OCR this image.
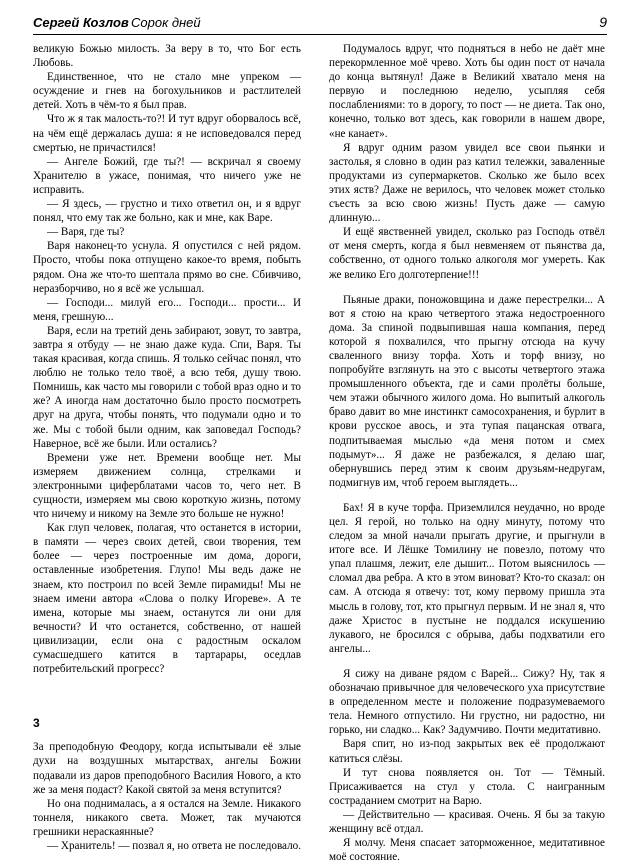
Сергей Козлов Сорок дней	9

великую Божью милость. За веру в то, что Бог есть Любовь.

Единственное, что не стало мне упреком — осуждение и гнев на богохульников и растлителей детей. Хоть в чём-то я был прав.

Что ж я так малость-то?! И тут вдруг оборвалось всё, на чём ещё держалась душа: я не исповедовался перед смертью, не причастился!

— Ангеле Божий, где ты?! — вскричал я своему Хранителю в ужасе, понимая, что ничего уже не исправить.

— Я здесь, — грустно и тихо ответил он, и я вдруг понял, что ему так же больно, как и мне, как Варе.

— Варя, где ты?

Варя наконец-то уснула. Я опустился с ней рядом. Просто, чтобы пока отпущено какое-то время, побыть рядом. Она же что-то шептала прямо во сне. Сбивчиво, неразборчиво, но я всё же услышал.

— Господи... милуй его... Господи... прости... И меня, грешную...

Варя, если на третий день забирают, зовут, то завтра, завтра я отбуду — не знаю даже куда. Спи, Варя. Ты такая красивая, когда спишь. Я только сейчас понял, что люблю не только тело твоё, а всю тебя, душу твою. Помнишь, как часто мы говорили с тобой враз одно и то же? А иногда нам достаточно было просто посмотреть друг на друга, чтобы понять, что подумали одно и то же. Мы с тобой были одним, как заповедал Господь? Наверное, всё же были. Или остались?

Времени уже нет. Времени вообще нет. Мы измеряем движением солнца, стрелками и электронными циферблатами часов то, чего нет. В сущности, измеряем мы свою короткую жизнь, потому что ничему и никому на Земле это больше не нужно!

Как глуп человек, полагая, что останется в истории, в памяти — через своих детей, свои творения, тем более — через построенные им дома, дороги, оставленные изобретения. Глупо! Мы ведь даже не знаем, кто построил по всей Земле пирамиды! Мы не знаем имени автора «Слова о полку Игореве». А те имена, которые мы знаем, останутся ли они для вечности? И что останется, собственно, от нашей цивилизации, если она с радостным оскалом сумасшедшего катится в тартарары, оседлав потребительский прогресс?

3

За преподобную Феодору, когда испытывали её злые духи на воздушных мытарствах, ангелы Божии подавали из даров преподобного Василия Нового, а кто же за меня подаст? Какой святой за меня вступится?

Но она поднималась, а я остался на Земле. Никакого тоннеля, никакого света. Может, так мучаются грешники нераскаянные?

— Хранитель! — позвал я, но ответа не последовало.

Подумалось вдруг, что подняться в небо не даёт мне перекормленное моё чрево. Хоть бы один пост от начала до конца вытянул! Даже в Великий хватало меня на первую и последнюю неделю, усыпляя себя послаблениями: то в дорогу, то пост — не диета. Так оно, конечно, только вот здесь, как говорили в нашем дворе, «не канает».

Я вдруг одним разом увидел все свои пьянки и застолья, я словно в один раз катил тележки, заваленные продуктами из супермаркетов. Сколько же было всех этих яств? Даже не верилось, что человек может столько съесть за всю свою жизнь! Пусть даже — самую длинную...

И ещё явственней увидел, сколько раз Господь отвёл от меня смерть, когда я был невменяем от пьянства да, собственно, от одного только алкоголя мог умереть. Как же велико Его долготерпение!!!

Пьяные драки, поножовщина и даже перестрелки... А вот я стою на краю четвертого этажа недостроенного дома. За спиной подвыпившая наша компания, перед которой я похвалился, что прыгну отсюда на кучу сваленного внизу торфа. Хоть и торф внизу, но попробуйте взглянуть на это с высоты четвертого этажа промышленного объекта, где и сами пролёты больше, чем этажи обычного жилого дома. Но выпитый алкоголь браво давит во мне инстинкт самосохранения, и бурлит в крови русское авось, и эта тупая пацанская отвага, подпитываемая мыслью «да меня потом и смех подымут»... Я даже не разбежался, я делаю шаг, обернувшись перед этим к своим друзьям-недругам, подмигнув им, чтоб героем выглядеть...

Бах! Я в куче торфа. Приземлился неудачно, но вроде цел. Я герой, но только на одну минуту, потому что следом за мной начали прыгать другие, и прыгнули в итоге все. И Лёшке Томилину не повезло, потому что упал плашмя, лежит, еле дышит... Потом выяснилось — сломал два ребра. А кто в этом виноват? Кто-то сказал: он сам. А отсюда я отвечу: тот, кому первому пришла эта мысль в голову, тот, кто прыгнул первым. И не знал я, что даже Христос в пустыне не поддался искушению лукавого, не бросился с обрыва, дабы подхватили его ангелы...

Я сижу на диване рядом с Варей... Сижу? Ну, так я обозначаю привычное для человеческого уха присутствие в определенном месте и положение подразумеваемого тела. Немного отпустило. Ни грустно, ни радостно, ни горько, ни сладко... Как? Задумчиво. Почти медитативно.

Варя спит, но из-под закрытых век её продолжают катиться слёзы.

И тут снова появляется он. Тот — Тёмный. Присаживается на стул у стола. С наигранным состраданием смотрит на Варю.

— Действительно — красивая. Очень. Я бы за такую женщину всё отдал.

Я молчу. Меня спасает заторможенное, медитативное моё состояние.
